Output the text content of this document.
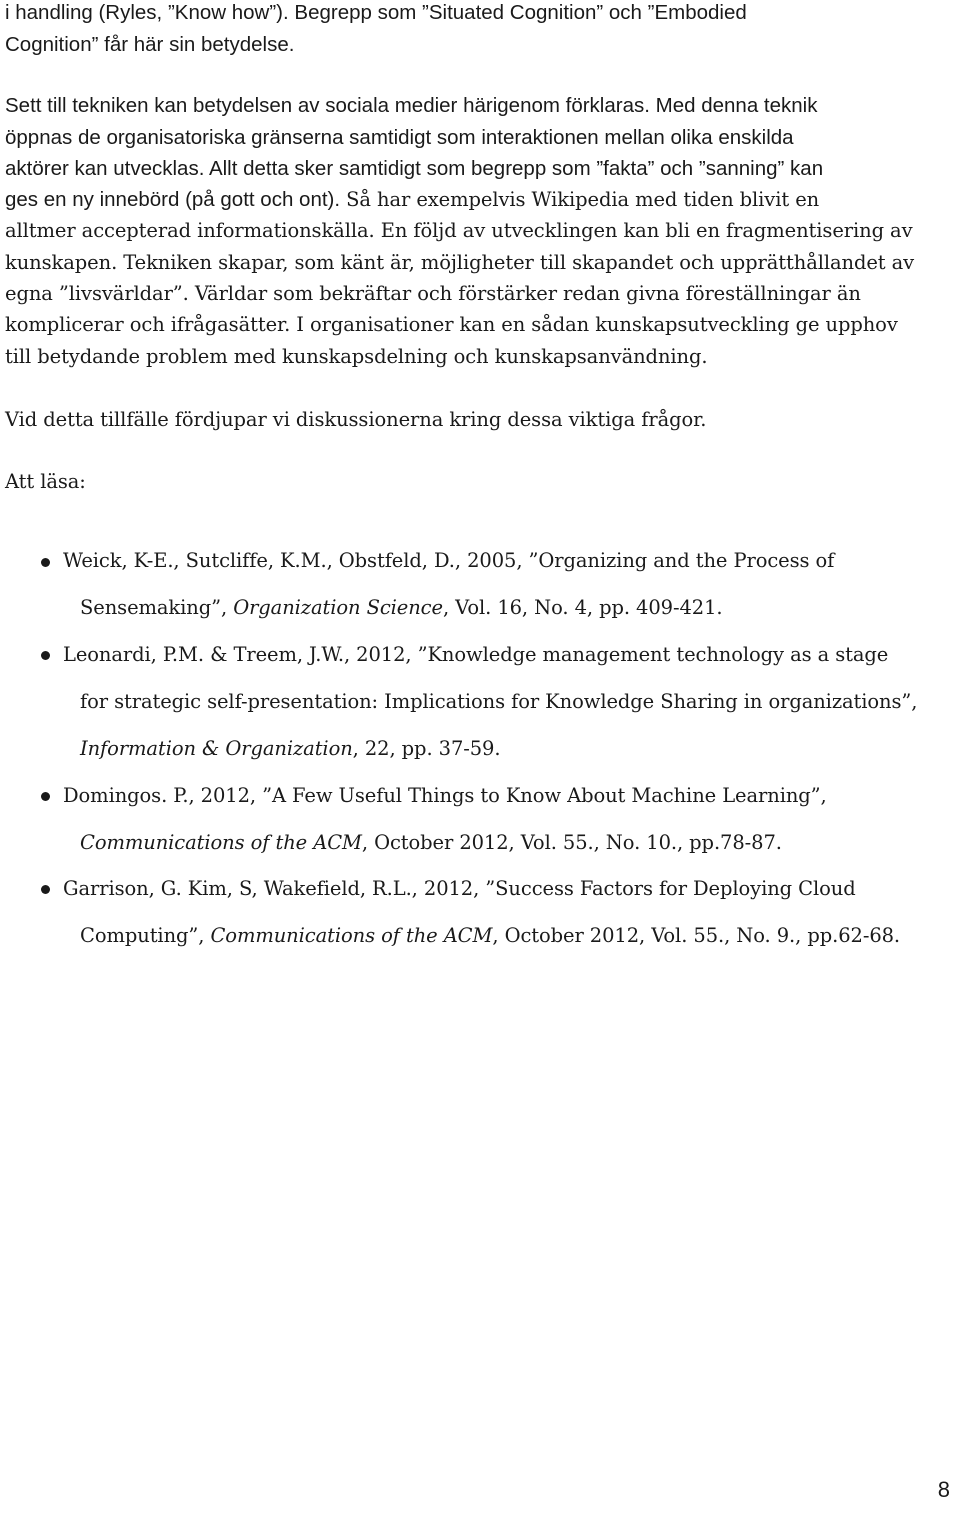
i handling (Ryles, ”Know how”). Begrepp som ”Situated Cognition” och ”Embodied
Cognition” får här sin betydelse.
Sett till tekniken kan betydelsen av sociala medier härigenom förklaras. Med denna teknik
öppnas de organisatoriska gränserna samtidigt som interaktionen mellan olika enskilda
aktörer kan utvecklas. Allt detta sker samtidigt som begrepp som ”fakta” och ”sanning” kan
ges en ny innebörd (på gott och ont). Så har exempelvis Wikipedia med tiden blivit en
alltmer accepterad informationskälla. En följd av utvecklingen kan bli en fragmentisering av
kunskapen. Tekniken skapar, som känt är, möjligheter till skapandet och upprätthållandet av
egna ”livsvärldar”. Världar som bekräftar och förstärker redan givna föreställningar än
komplicerar och ifrågasätter. I organisationer kan en sådan kunskapsutveckling ge upphov
till betydande problem med kunskapsdelning och kunskapsanvändning.
Vid detta tillfälle fördjupar vi diskussionerna kring dessa viktiga frågor.
Att läsa:
Weick, K-E., Sutcliffe, K.M., Obstfeld, D., 2005, ”Organizing and the Process of
Sensemaking”, Organization Science, Vol. 16, No. 4, pp. 409-421.
Leonardi, P.M. & Treem, J.W., 2012, ”Knowledge management technology as a stage
for strategic self-presentation: Implications for Knowledge Sharing in organizations”,
Information & Organization, 22, pp. 37-59.
Domingos. P., 2012, ”A Few Useful Things to Know About Machine Learning”,
Communications of the ACM, October 2012, Vol. 55., No. 10., pp.78-87.
Garrison, G. Kim, S, Wakefield, R.L., 2012, ”Success Factors for Deploying Cloud
Computing”, Communications of the ACM, October 2012, Vol. 55., No. 9., pp.62-68.
8
